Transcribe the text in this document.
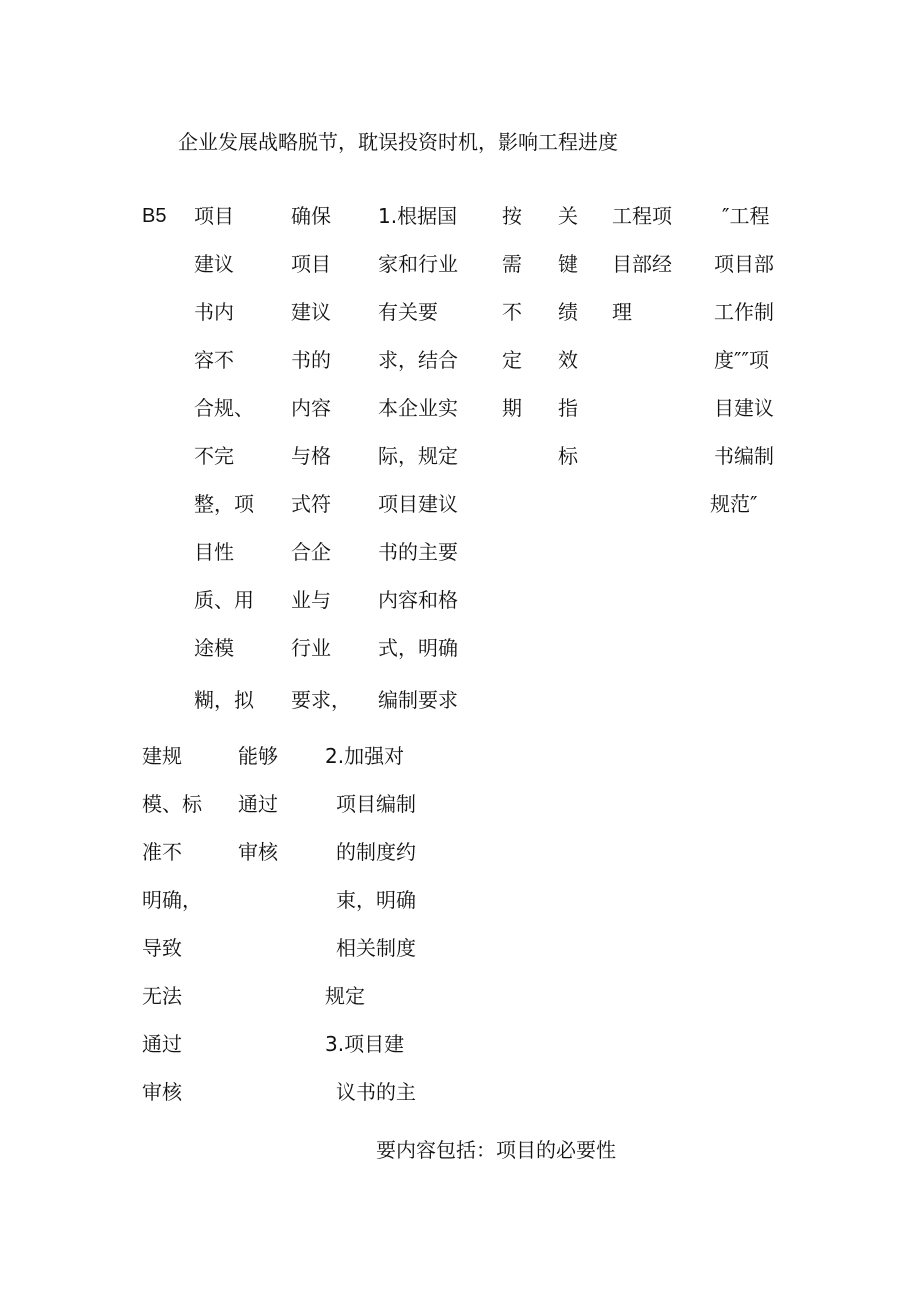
企业发展战略脱节，耽误投资时机，影响工程进度
B5 项目
建议
书内
容不
合规、
不完
整，项
目性
质、用
途模
糊，拟
确保
项目
建议
书的
内容
与格
式符
合企
业与
行业
要求，
1.根据国
家和行业
有关要
求，结合
本企业实
际，规定
项目建议
书的主要
内容和格
式，明确
编制要求
按
需
不
定
期
关
键
绩
效
指
标
工程项
目部经
理
″工程
项目部
工作制
度″″项
目建议
书编制
规范″
建规
模、标
准不
明确，
导致
无法
通过
审核
能够
通过
审核
2.加强对
项目编制
的制度约
束，明确
相关制度
规定
3.项目建
议书的主
要内容包括：项目的必要性
